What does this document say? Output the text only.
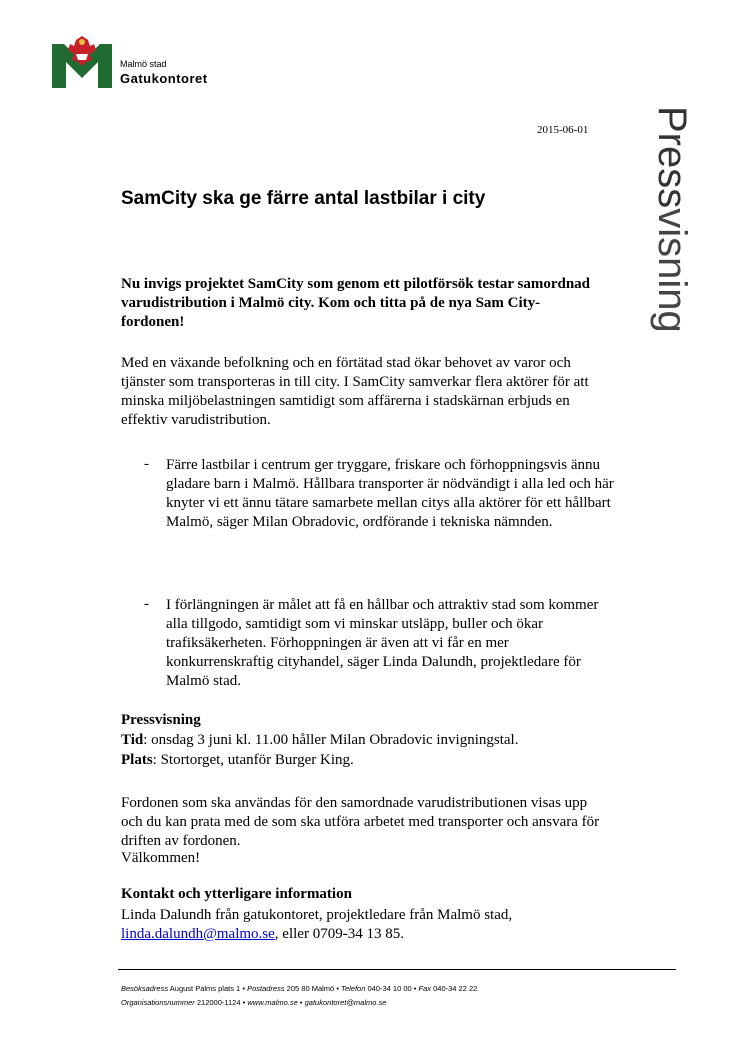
Malmö stad
Gatukontoret
2015-06-01 Pressvisning
SamCity ska ge färre antal lastbilar i city
Nu invigs projektet SamCity som genom ett pilotförsök testar samordnad varudistribution i Malmö city. Kom och titta på de nya Sam City-fordonen!
Med en växande befolkning och en förtätad stad ökar behovet av varor och tjänster som transporteras in till city. I SamCity samverkar flera aktörer för att minska miljöbelastningen samtidigt som affärerna i stadskärnan erbjuds en effektiv varudistribution.
- Färre lastbilar i centrum ger tryggare, friskare och förhoppningsvis ännu gladare barn i Malmö. Hållbara transporter är nödvändigt i alla led och här knyter vi ett ännu tätare samarbete mellan citys alla aktörer för ett hållbart Malmö, säger Milan Obradovic, ordförande i tekniska nämnden.
- I förlängningen är målet att få en hållbar och attraktiv stad som kommer alla tillgodo, samtidigt som vi minskar utsläpp, buller och ökar trafiksäkerheten. Förhoppningen är även att vi får en mer konkurrenskraftig cityhandel, säger Linda Dalundh, projektledare för Malmö stad.
Pressvisning
Tid: onsdag 3 juni kl. 11.00 håller Milan Obradovic invigningstal.
Plats: Stortorget, utanför Burger King.
Fordonen som ska användas för den samordnade varudistributionen visas upp och du kan prata med de som ska utföra arbetet med transporter och ansvara för driften av fordonen.
Välkommen!
Kontakt och ytterligare information
Linda Dalundh från gatukontoret, projektledare från Malmö stad,
linda.dalundh@malmo.se, eller 0709-34 13 85.
Besöksadress August Palms plats 1 • Postadress 205 80 Malmö • Telefon 040-34 10 00 • Fax 040-34 22 22
Organisationsnummer 212000-1124 • www.malmo.se • gatukontoret@malmo.se
